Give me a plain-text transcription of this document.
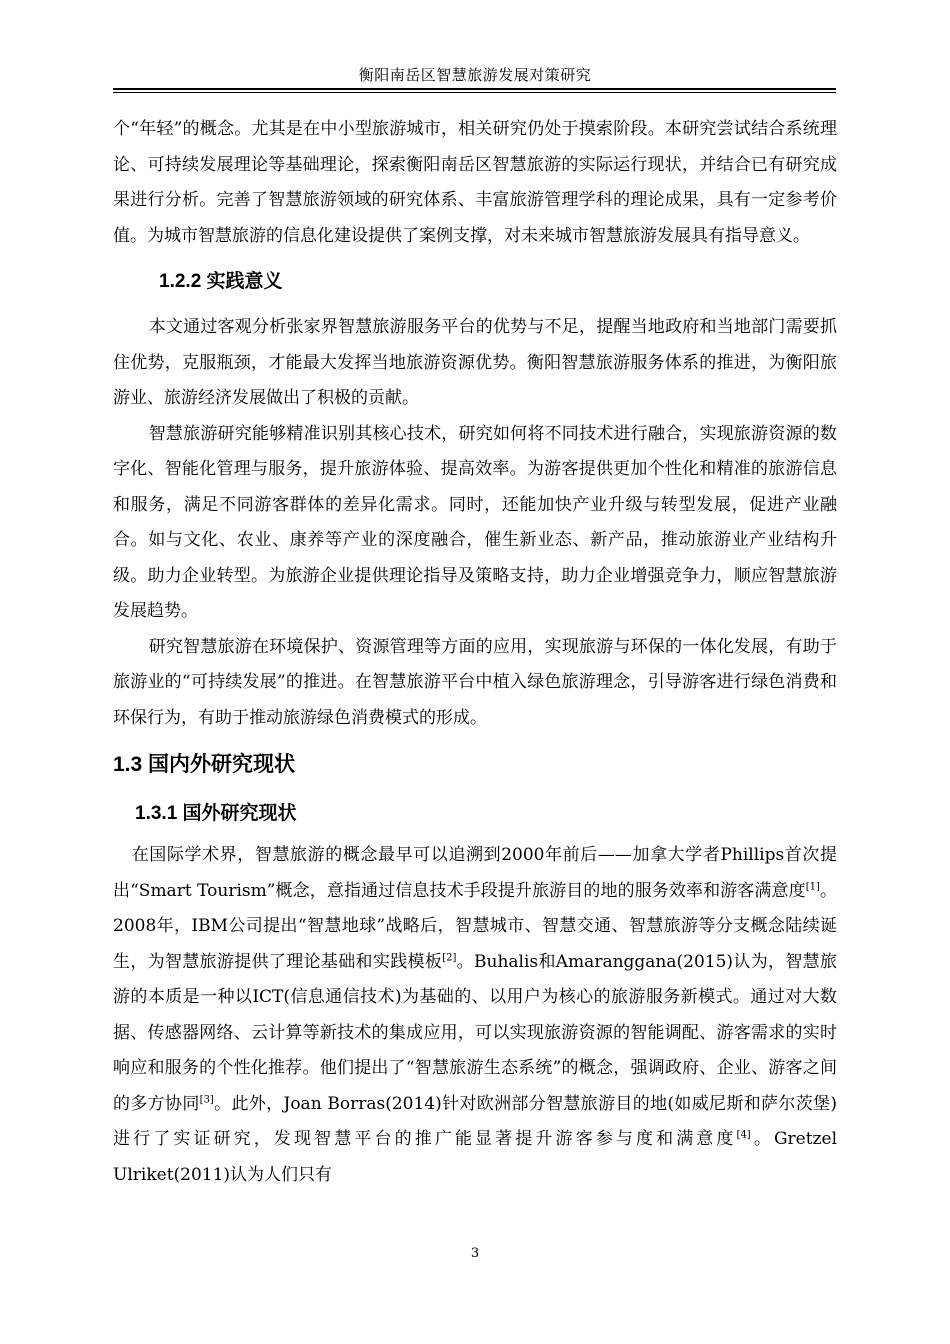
衡阳南岳区智慧旅游发展对策研究

个“年轻”的概念。尤其是在中小型旅游城市，相关研究仍处于摸索阶段。本研究尝试结合系统理论、可持续发展理论等基础理论，探索衡阳南岳区智慧旅游的实际运行现状，并结合已有研究成果进行分析。完善了智慧旅游领域的研究体系、丰富旅游管理学科的理论成果，具有一定参考价值。为城市智慧旅游的信息化建设提供了案例支撑，对未来城市智慧旅游发展具有指导意义。

1.2.2 实践意义

本文通过客观分析张家界智慧旅游服务平台的优势与不足，提醒当地政府和当地部门需要抓住优势，克服瓶颈，才能最大发挥当地旅游资源优势。衡阳智慧旅游服务体系的推进，为衡阳旅游业、旅游经济发展做出了积极的贡献。

智慧旅游研究能够精准识别其核心技术，研究如何将不同技术进行融合，实现旅游资源的数字化、智能化管理与服务，提升旅游体验、提高效率。为游客提供更加个性化和精准的旅游信息和服务，满足不同游客群体的差异化需求。同时，还能加快产业升级与转型发展，促进产业融合。如与文化、农业、康养等产业的深度融合，催生新业态、新产品，推动旅游业产业结构升级。助力企业转型。为旅游企业提供理论指导及策略支持，助力企业增强竞争力，顺应智慧旅游发展趋势。

研究智慧旅游在环境保护、资源管理等方面的应用，实现旅游与环保的一体化发展，有助于旅游业的“可持续发展”的推进。在智慧旅游平台中植入绿色旅游理念，引导游客进行绿色消费和环保行为，有助于推动旅游绿色消费模式的形成。

1.3 国内外研究现状
1.3.1 国外研究现状

在国际学术界，智慧旅游的概念最早可以追溯到2000年前后——加拿大学者Phillips首次提出“Smart Tourism”概念，意指通过信息技术手段提升旅游目的地的服务效率和游客满意度[1]。2008年，IBM公司提出“智慧地球”战略后，智慧城市、智慧交通、智慧旅游等分支概念陆续诞生，为智慧旅游提供了理论基础和实践模板[2]。Buhalis和Amaranggana(2015)认为，智慧旅游的本质是一种以ICT(信息通信技术)为基础的、以用户为核心的旅游服务新模式。通过对大数据、传感器网络、云计算等新技术的集成应用，可以实现旅游资源的智能调配、游客需求的实时响应和服务的个性化推荐。他们提出了“智慧旅游生态系统”的概念，强调政府、企业、游客之间的多方协同[3]。此外，Joan Borras(2014)针对欧洲部分智慧旅游目的地(如威尼斯和萨尔茨堡)进行了实证研究，发现智慧平台的推广能显著提升游客参与度和满意度[4]。Gretzel Ulriket(2011)认为人们只有

3
